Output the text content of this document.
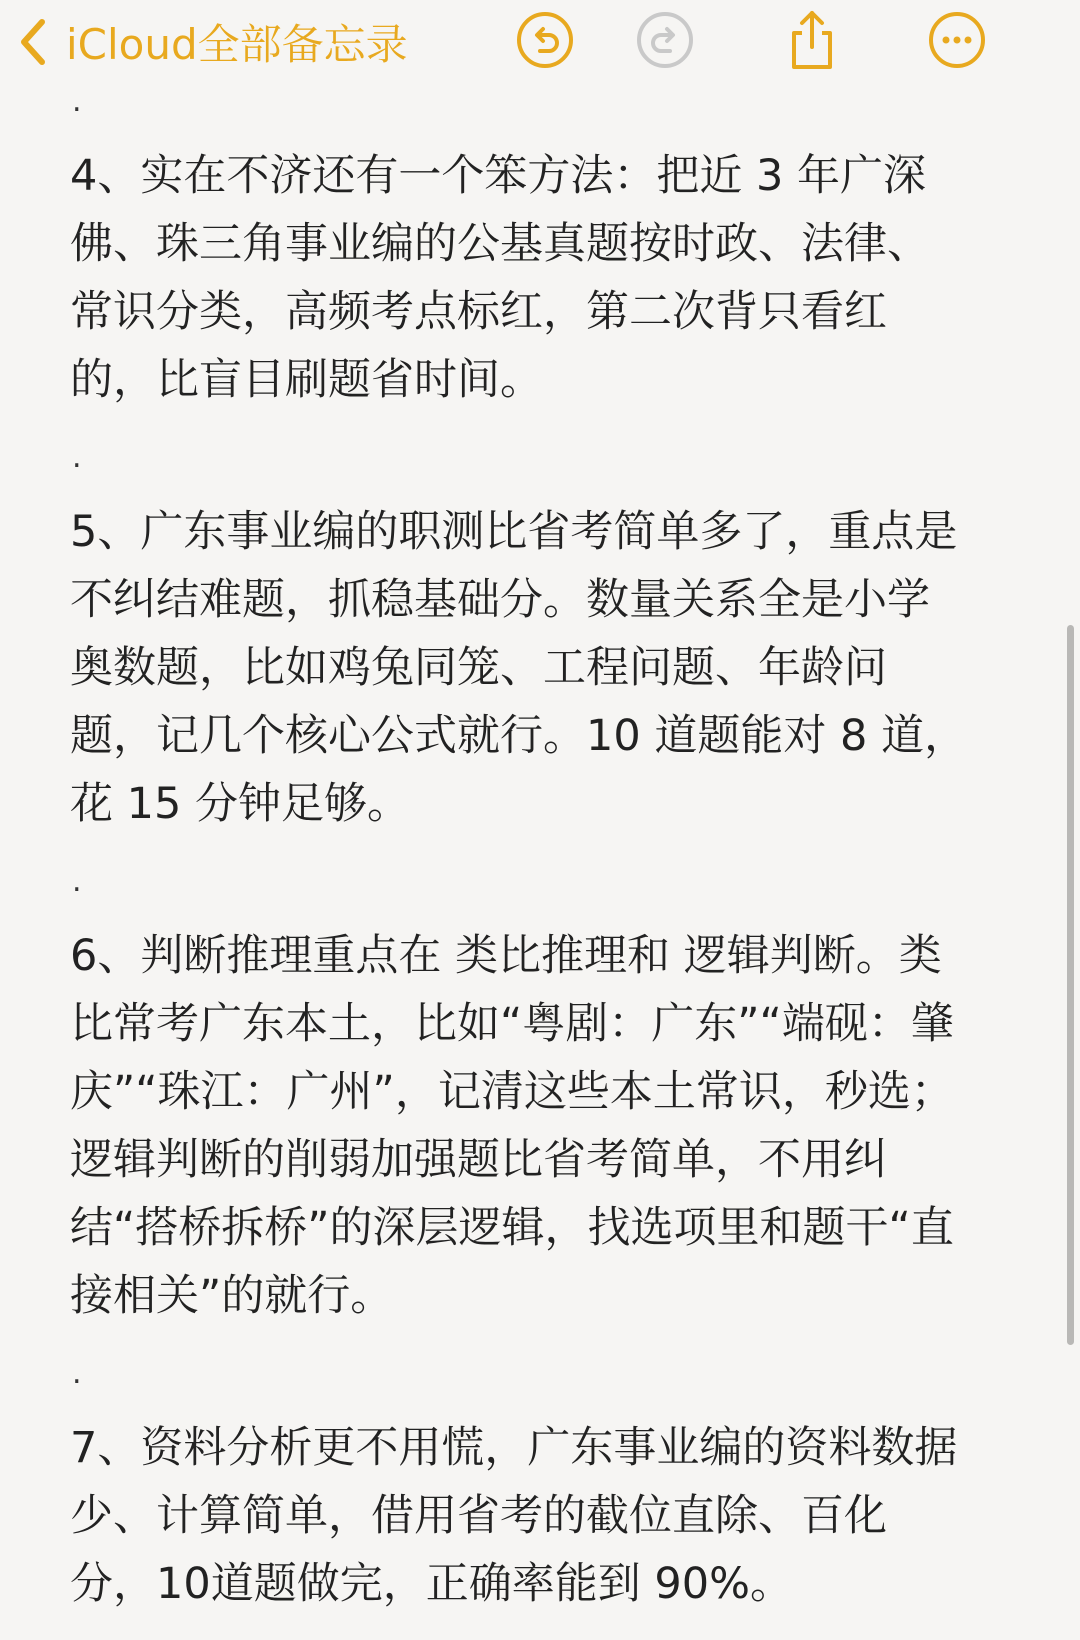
iCloud全部备忘录
.

4、实在不济还有一个笨方法：把近 3 年广深佛、珠三角事业编的公基真题按时政、法律、常识分类，高频考点标红，第二次背只看红的，比盲目刷题省时间。

.

5、广东事业编的职测比省考简单多了，重点是不纠结难题，抓稳基础分。数量关系全是小学奥数题，比如鸡兔同笼、工程问题、年龄问题，记几个核心公式就行。10 道题能对 8 道，花 15 分钟足够。

.

6、判断推理重点在 类比推理和 逻辑判断。类比常考广东本土，比如“粤剧：广东”“端砚：肇庆”“珠江：广州”，记清这些本土常识，秒选；逻辑判断的削弱加强题比省考简单，不用纠结“搭桥拆桥”的深层逻辑，找选项里和题干“直接相关”的就行。

.

7、资料分析更不用慌，广东事业编的资料数据少、计算简单，借用省考的截位直除、百化分，10道题做完，正确率能到 90%。
